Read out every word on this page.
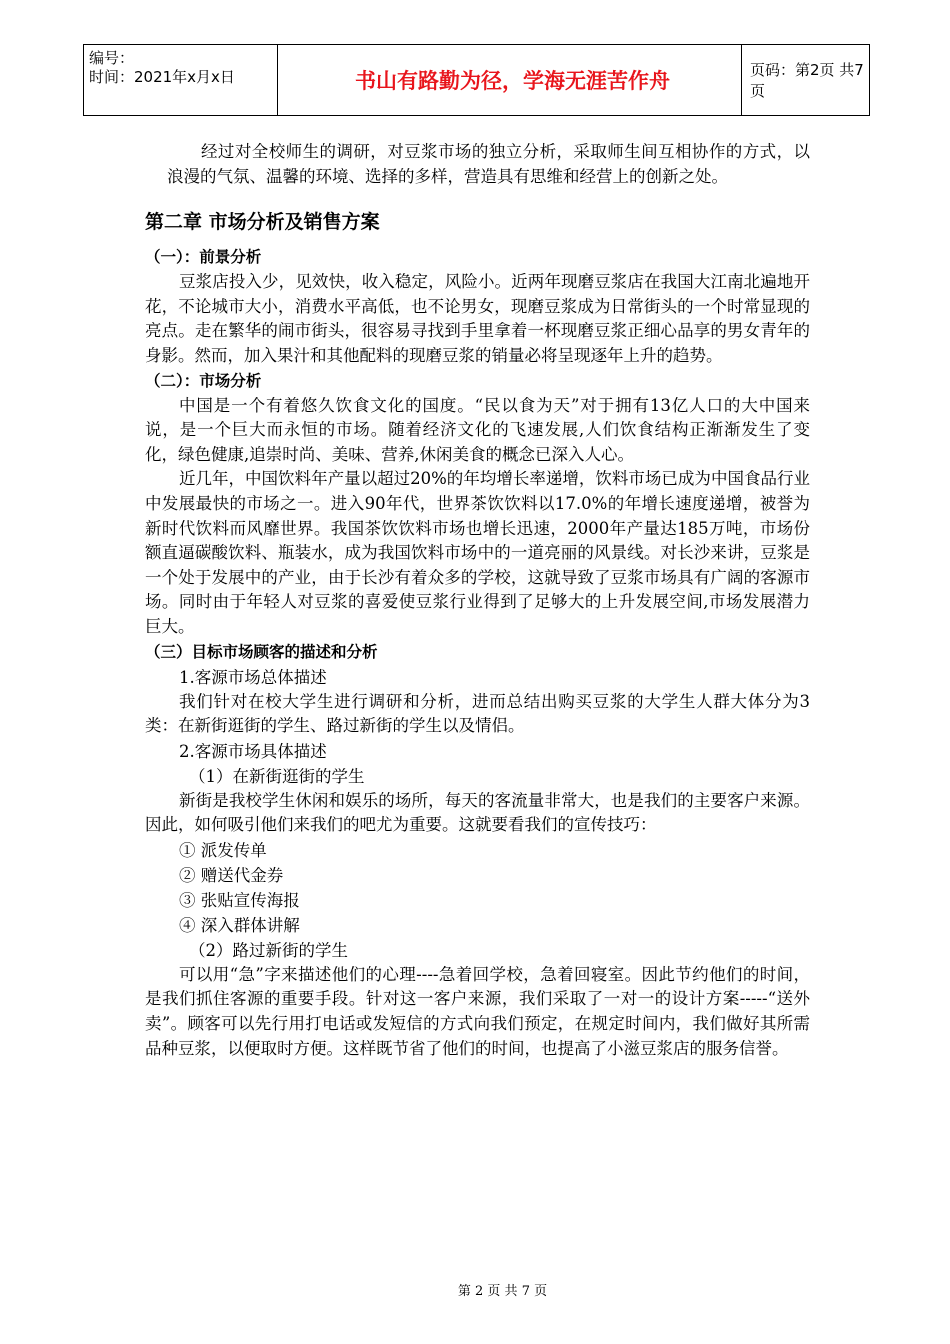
编号：
时间：2021年x月x日	书山有路勤为径，学海无涯苦作舟	页码：第2页 共7页

经过对全校师生的调研，对豆浆市场的独立分析，采取师生间互相协作的方式，以浪漫的气氛、温馨的环境、选择的多样，营造具有思维和经营上的创新之处。

第二章 市场分析及销售方案
（一）：前景分析

豆浆店投入少，见效快，收入稳定，风险小。近两年现磨豆浆店在我国大江南北遍地开花，不论城市大小，消费水平高低，也不论男女，现磨豆浆成为日常街头的一个时常显现的亮点。走在繁华的闹市街头，很容易寻找到手里拿着一杯现磨豆浆正细心品享的男女青年的身影。然而，加入果汁和其他配料的现磨豆浆的销量必将呈现逐年上升的趋势。

（二）：市场分析

中国是一个有着悠久饮食文化的国度。“民以食为天”对于拥有13亿人口的大中国来说，是一个巨大而永恒的市场。随着经济文化的飞速发展,人们饮食结构正渐渐发生了变化，绿色健康,追崇时尚、美味、营养,休闲美食的概念已深入人心。

近几年，中国饮料年产量以超过20%的年均增长率递增，饮料市场已成为中国食品行业中发展最快的市场之一。进入90年代，世界茶饮饮料以17.0%的年增长速度递增，被誉为新时代饮料而风靡世界。我国茶饮饮料市场也增长迅速，2000年产量达185万吨，市场份额直逼碳酸饮料、瓶装水，成为我国饮料市场中的一道亮丽的风景线。对长沙来讲，豆浆是一个处于发展中的产业，由于长沙有着众多的学校，这就导致了豆浆市场具有广阔的客源市场。同时由于年轻人对豆浆的喜爱使豆浆行业得到了足够大的上升发展空间,市场发展潜力巨大。

（三）目标市场顾客的描述和分析

1.客源市场总体描述

我们针对在校大学生进行调研和分析，进而总结出购买豆浆的大学生人群大体分为3类：在新街逛街的学生、路过新街的学生以及情侣。

2.客源市场具体描述

（1）在新街逛街的学生

新街是我校学生休闲和娱乐的场所，每天的客流量非常大，也是我们的主要客户来源。因此，如何吸引他们来我们的吧尤为重要。这就要看我们的宣传技巧：

① 派发传单

② 赠送代金券

③ 张贴宣传海报

④ 深入群体讲解

（2）路过新街的学生

可以用“急”字来描述他们的心理----急着回学校，急着回寝室。因此节约他们的时间，是我们抓住客源的重要手段。针对这一客户来源，我们采取了一对一的设计方案-----“送外卖”。顾客可以先行用打电话或发短信的方式向我们预定，在规定时间内，我们做好其所需品种豆浆，以便取时方便。这样既节省了他们的时间，也提高了小滋豆浆店的服务信誉。

第 2 页 共 7 页
